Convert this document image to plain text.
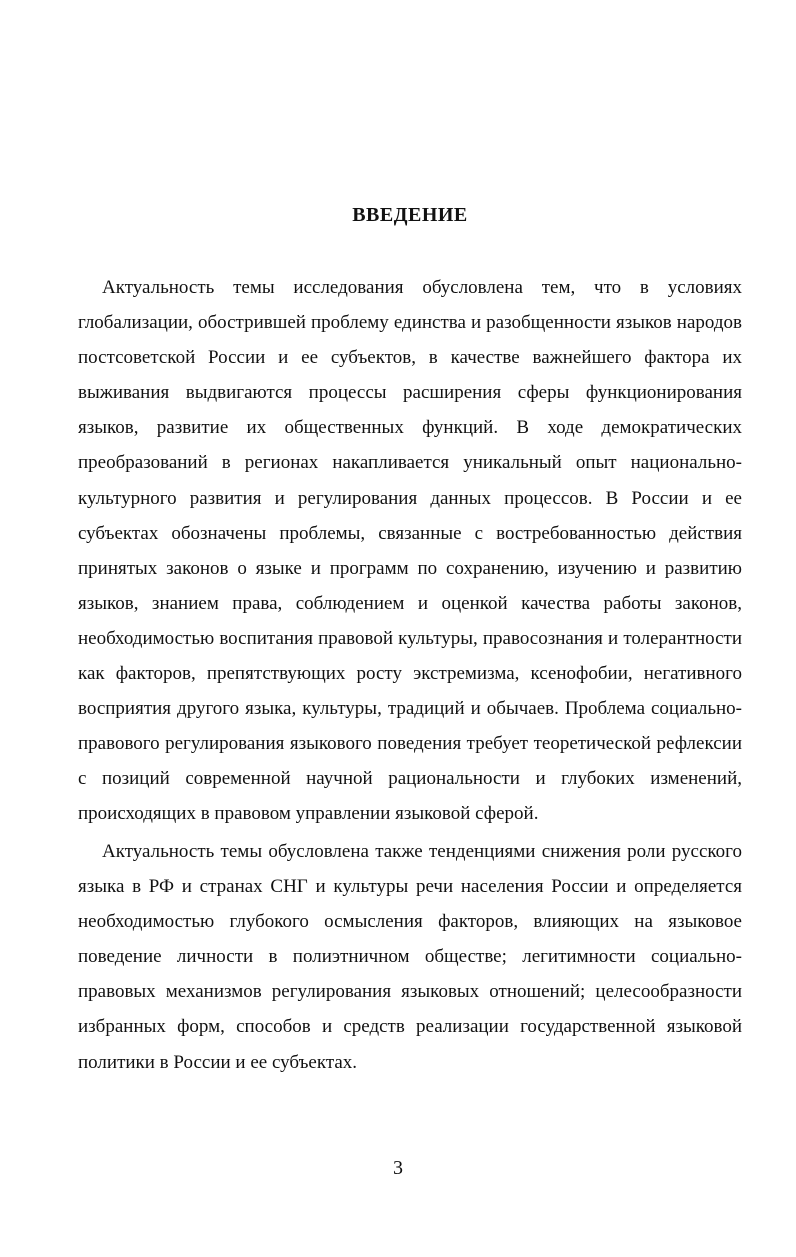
ВВЕДЕНИЕ

Актуальность темы исследования обусловлена тем, что в условиях глобализации, обострившей проблему единства и разобщенности языков народов постсоветской России и ее субъектов, в качестве важнейшего фактора их выживания выдвигаются процессы расширения сферы функционирования языков, развитие их общественных функций. В ходе демократических преобразований в регионах накапливается уникальный опыт национально-культурного развития и регулирования данных процессов. В России и ее субъектах обозначены проблемы, связанные с востребованностью действия принятых законов о языке и программ по сохранению, изучению и развитию языков, знанием права, соблюдением и оценкой качества работы законов, необходимостью воспитания правовой культуры, правосознания и толерантности как факторов, препятствующих росту экстремизма, ксенофобии, негативного восприятия другого языка, культуры, традиций и обычаев. Проблема социально-правового регулирования языкового поведения требует теоретической рефлексии с позиций современной научной рациональности и глубоких изменений, происходящих в правовом управлении языковой сферой.

Актуальность темы обусловлена также тенденциями снижения роли русского языка в РФ и странах СНГ и культуры речи населения России и определяется необходимостью глубокого осмысления факторов, влияющих на языковое поведение личности в полиэтничном обществе; легитимности социально-правовых механизмов регулирования языковых отношений; целесообразности избранных форм, способов и средств реализации государственной языковой политики в России и ее субъектах.

3
